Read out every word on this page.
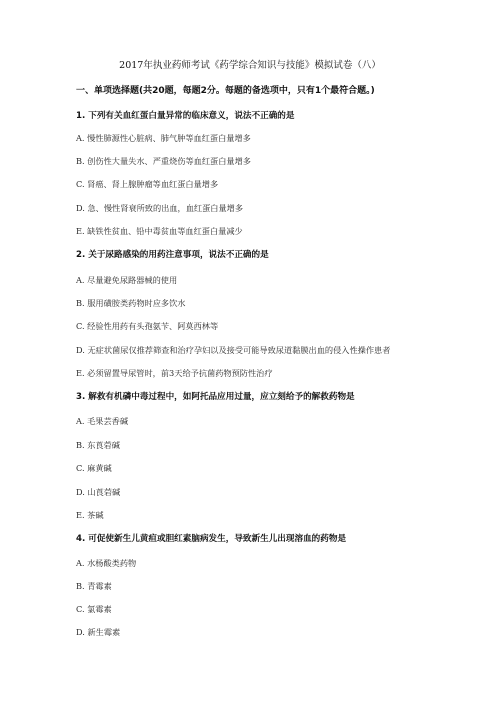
2017年执业药师考试《药学综合知识与技能》模拟试卷（八）
一、单项选择题(共20题，每题2分。每题的备选项中，只有1个最符合题。)
1. 下列有关血红蛋白量异常的临床意义，说法不正确的是
A. 慢性肺源性心脏病、肺气肿等血红蛋白量增多
B. 创伤性大量失水、严重烧伤等血红蛋白量增多
C. 肾癌、肾上腺肿瘤等血红蛋白量增多
D. 急、慢性肾衰所致的出血，血红蛋白量增多
E. 缺铁性贫血、铅中毒贫血等血红蛋白量减少
2. 关于尿路感染的用药注意事项，说法不正确的是
A. 尽量避免尿路器械的使用
B. 服用磺胺类药物时应多饮水
C. 经验性用药有头孢氨苄、阿莫西林等
D. 无症状菌尿仅推荐筛查和治疗孕妇以及接受可能导致尿道黏膜出血的侵入性操作患者
E. 必须留置导尿管时，前3天给予抗菌药物预防性治疗
3. 解救有机磷中毒过程中，如阿托品应用过量，应立刻给予的解救药物是
A. 毛果芸香碱
B. 东莨菪碱
C. 麻黄碱
D. 山莨菪碱
E. 茶碱
4. 可促使新生儿黄疸或胆红素脑病发生，导致新生儿出现溶血的药物是
A. 水杨酸类药物
B. 青霉素
C. 氯霉素
D. 新生霉素
